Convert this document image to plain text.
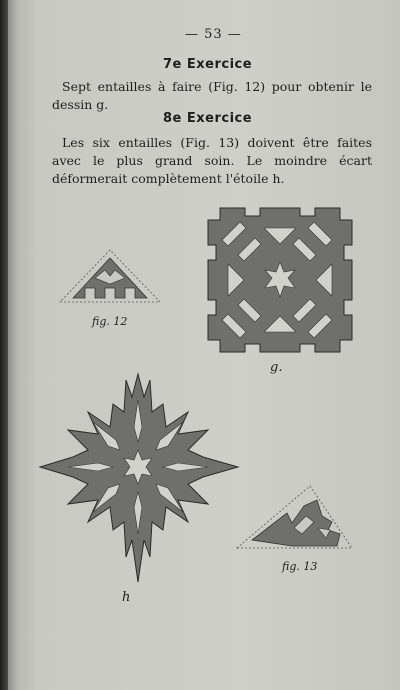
— 53 —
7e Exercice
Sept entailles à faire (Fig. 12) pour obtenir le dessin g.
8e Exercice
Les six entailles (Fig. 13) doivent être faites avec le plus grand soin. Le moindre écart déformerait complètement l'étoile h.
fig. 12
g.
h
fig. 13
